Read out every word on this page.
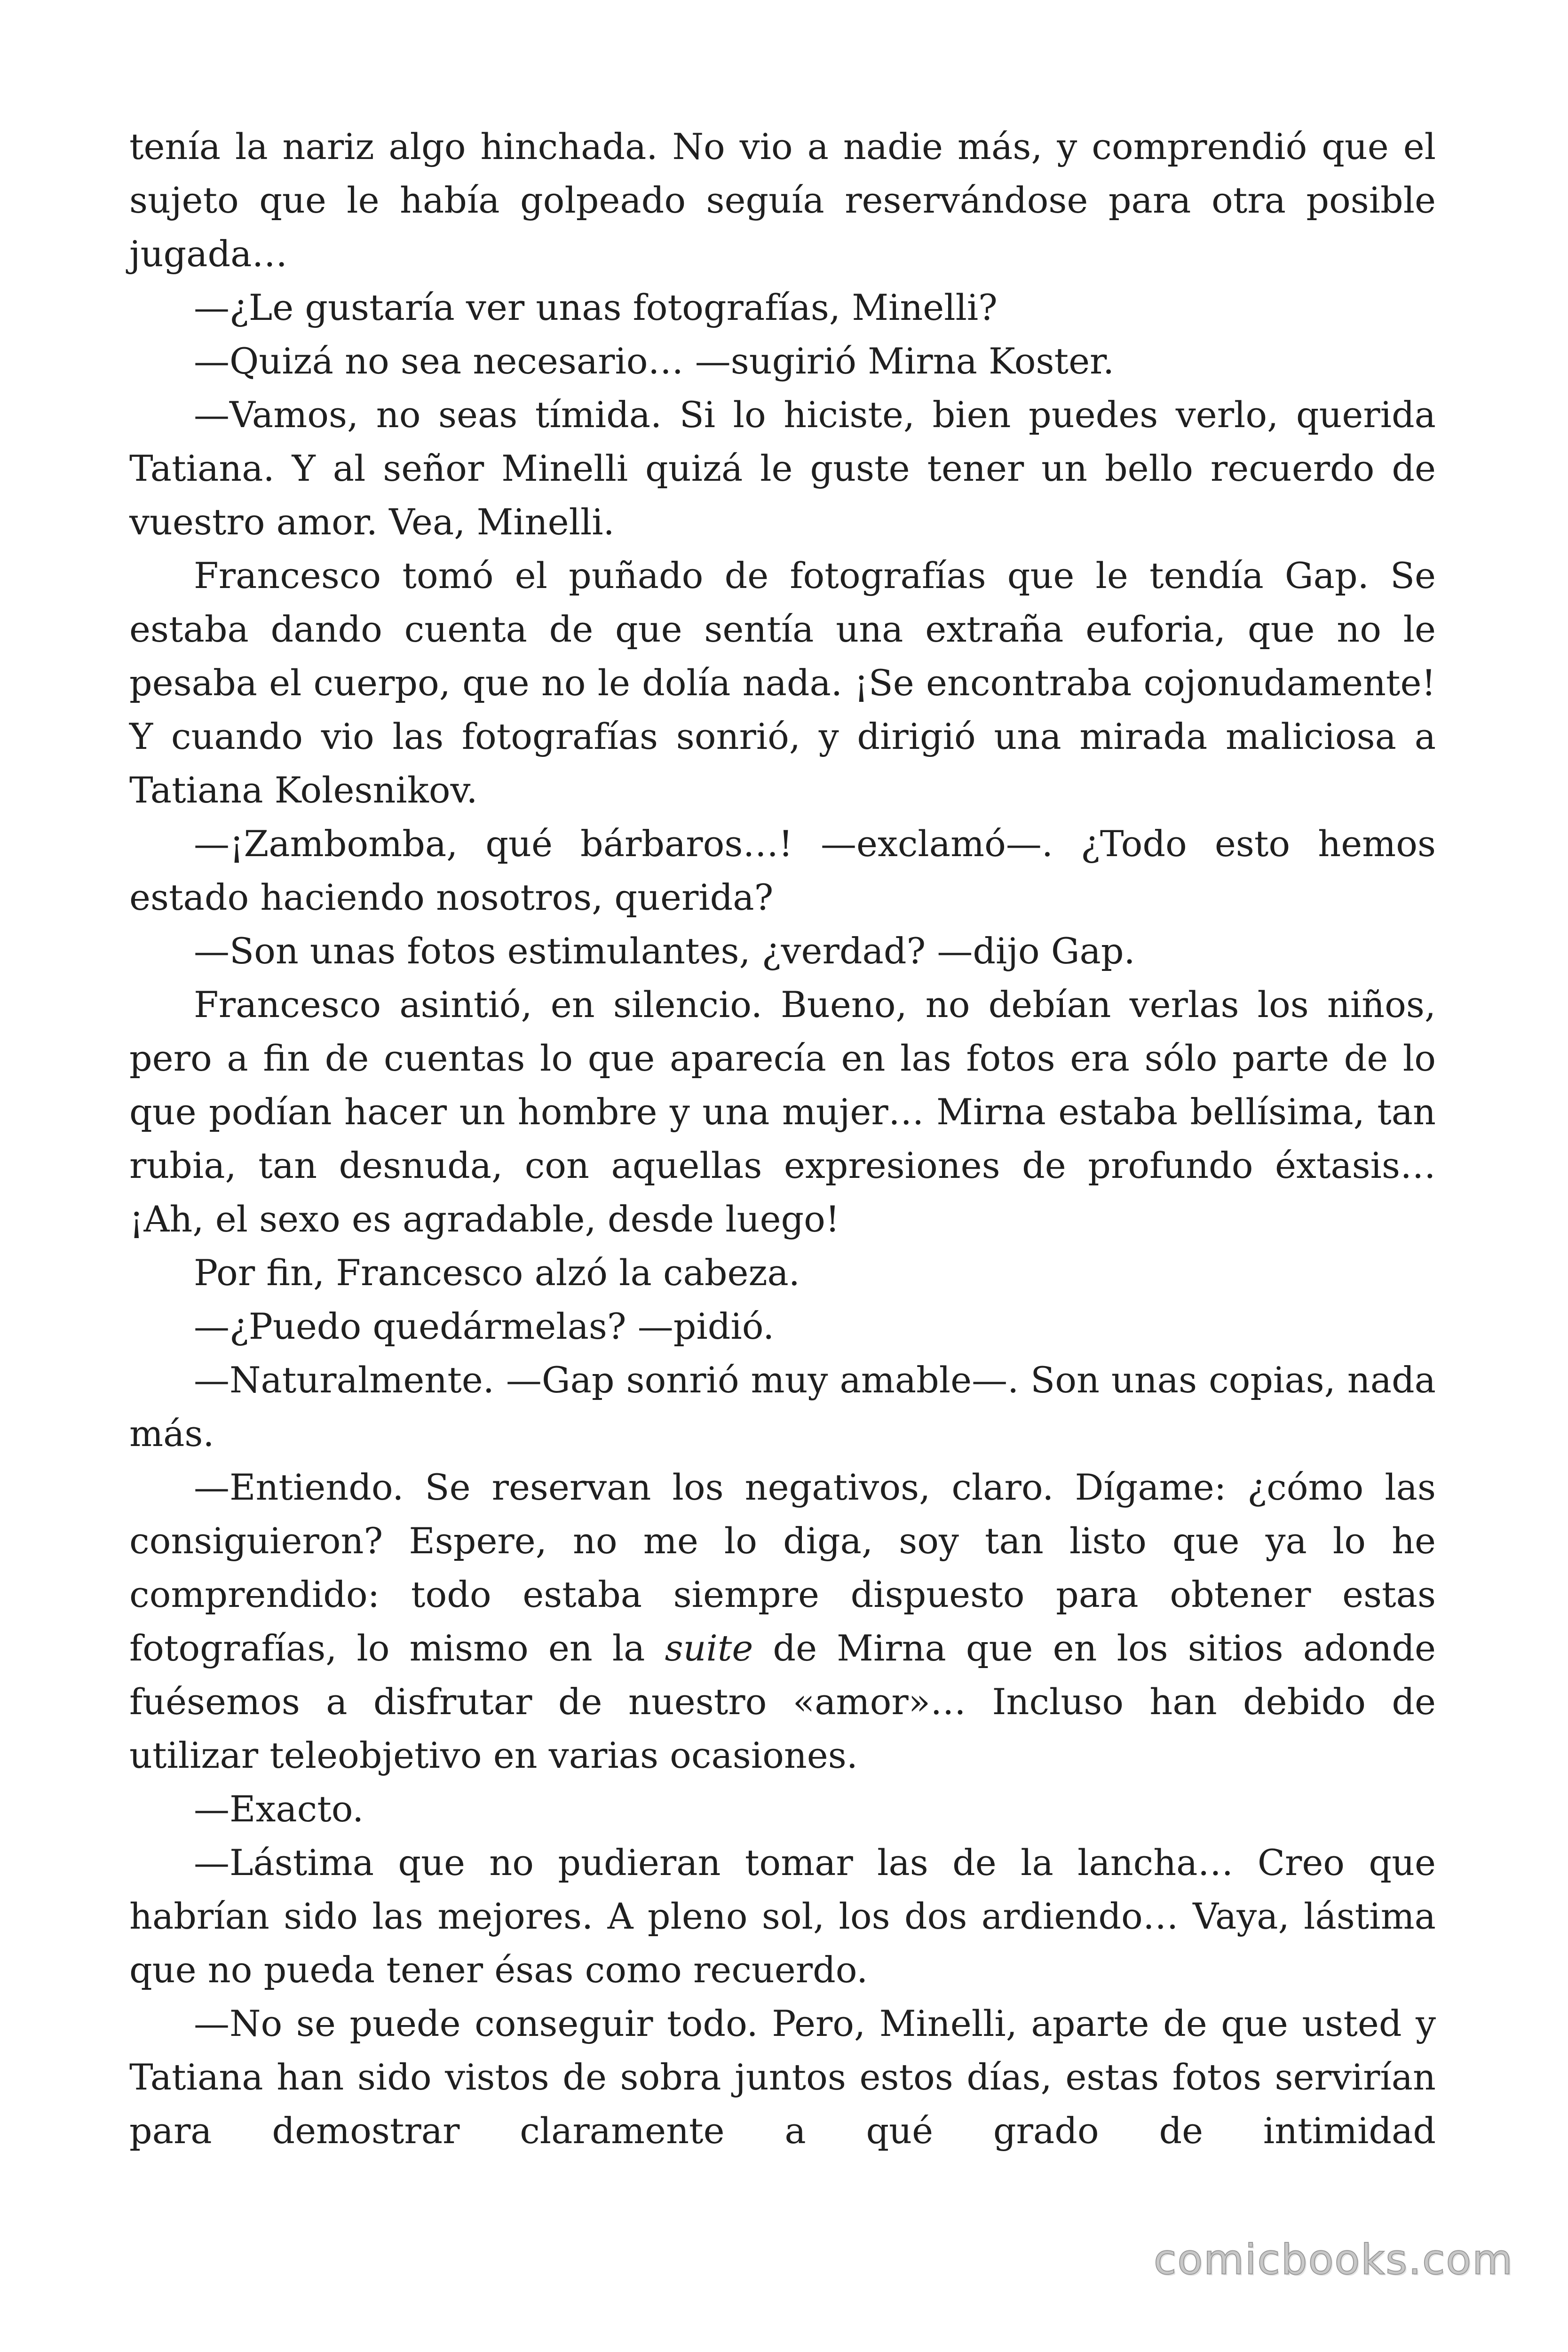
tenía la nariz algo hinchada. No vio a nadie más, y comprendió que el sujeto que le había golpeado seguía reservándose para otra posible jugada…

—¿Le gustaría ver unas fotografías, Minelli?

—Quizá no sea necesario… —sugirió Mirna Koster.

—Vamos, no seas tímida. Si lo hiciste, bien puedes verlo, querida Tatiana. Y al señor Minelli quizá le guste tener un bello recuerdo de vuestro amor. Vea, Minelli.

Francesco tomó el puñado de fotografías que le tendía Gap. Se estaba dando cuenta de que sentía una extraña euforia, que no le pesaba el cuerpo, que no le dolía nada. ¡Se encontraba cojonudamente! Y cuando vio las fotografías sonrió, y dirigió una mirada maliciosa a Tatiana Kolesnikov.

—¡Zambomba, qué bárbaros…! —exclamó—. ¿Todo esto hemos estado haciendo nosotros, querida?

—Son unas fotos estimulantes, ¿verdad? —dijo Gap.

Francesco asintió, en silencio. Bueno, no debían verlas los niños, pero a fin de cuentas lo que aparecía en las fotos era sólo parte de lo que podían hacer un hombre y una mujer… Mirna estaba bellísima, tan rubia, tan desnuda, con aquellas expresiones de profundo éxtasis… ¡Ah, el sexo es agradable, desde luego!

Por fin, Francesco alzó la cabeza.

—¿Puedo quedármelas? —pidió.

—Naturalmente. —Gap sonrió muy amable—. Son unas copias, nada más.

—Entiendo. Se reservan los negativos, claro. Dígame: ¿cómo las consiguieron? Espere, no me lo diga, soy tan listo que ya lo he comprendido: todo estaba siempre dispuesto para obtener estas fotografías, lo mismo en la suite de Mirna que en los sitios adonde fuésemos a disfrutar de nuestro «amor»… Incluso han debido de utilizar teleobjetivo en varias ocasiones.

—Exacto.

—Lástima que no pudieran tomar las de la lancha… Creo que habrían sido las mejores. A pleno sol, los dos ardiendo… Vaya, lástima que no pueda tener ésas como recuerdo.

—No se puede conseguir todo. Pero, Minelli, aparte de que usted y Tatiana han sido vistos de sobra juntos estos días, estas fotos servirían para demostrar claramente a qué grado de intimidad

comicbooks.com
